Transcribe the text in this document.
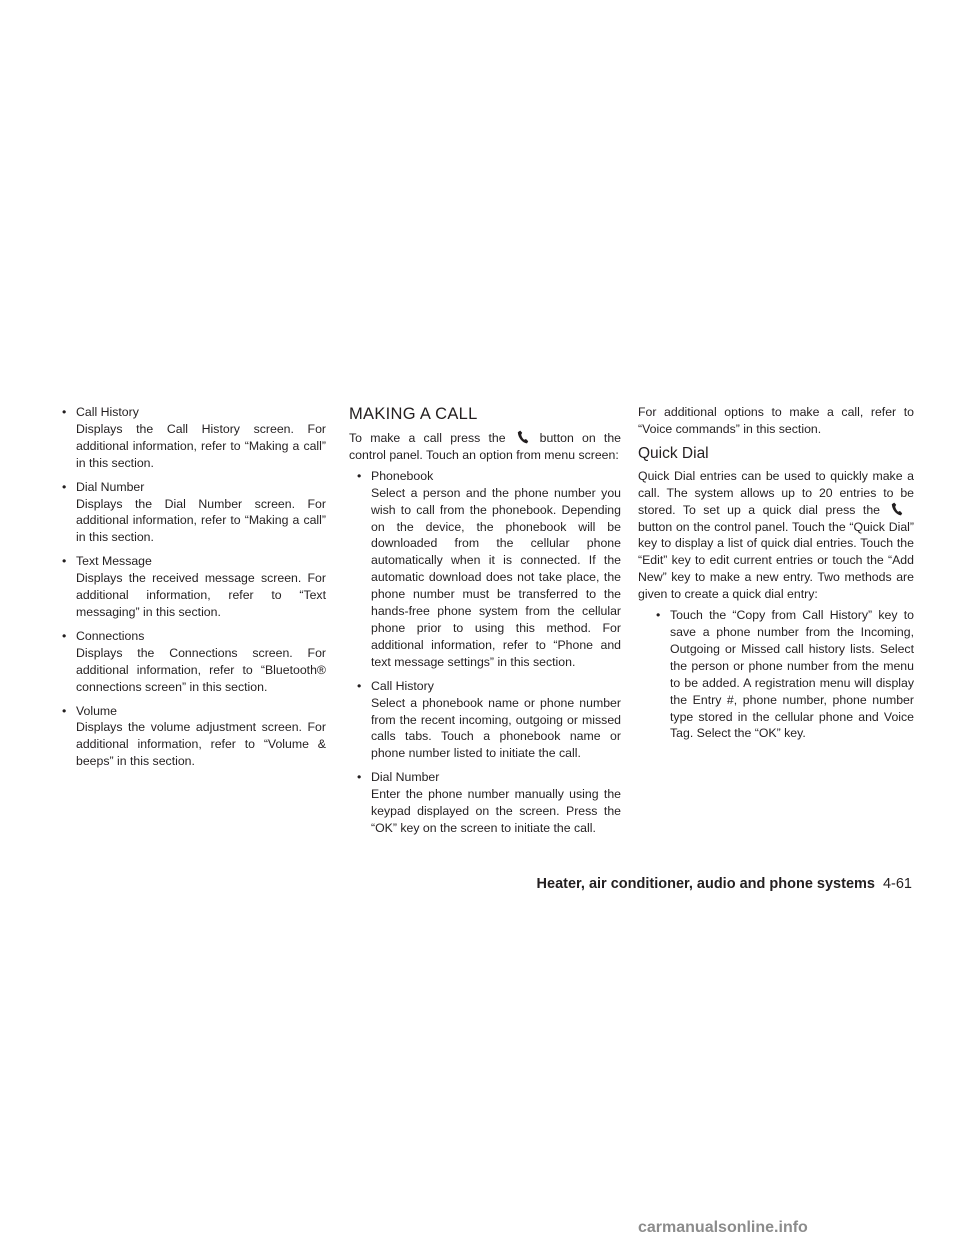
• Call History
Displays the Call History screen. For additional information, refer to “Making a call” in this section.
• Dial Number
Displays the Dial Number screen. For additional information, refer to “Making a call” in this section.
• Text Message
Displays the received message screen. For additional information, refer to “Text messaging” in this section.
• Connections
Displays the Connections screen. For additional information, refer to “Bluetooth® connections screen” in this section.
• Volume
Displays the volume adjustment screen. For additional information, refer to “Volume & beeps” in this section.
MAKING A CALL

To make a call press the	button on the control panel. Touch an option from menu screen:

• Phonebook
Select a person and the phone number you wish to call from the phonebook. Depending on the device, the phonebook will be downloaded from the cellular phone automatically when it is connected. If the automatic download does not take place, the phone number must be transferred to the hands-free phone system from the cellular phone prior to using this method. For additional information, refer to “Phone and text message settings” in this section.
• Call History
Select a phonebook name or phone number from the recent incoming, outgoing or missed calls tabs. Touch a phonebook name or phone number listed to initiate the call.
• Dial Number
Enter the phone number manually using the keypad displayed on the screen. Press the “OK” key on the screen to initiate the call.

For additional options to make a call, refer to “Voice commands” in this section.

Quick Dial

Quick Dial entries can be used to quickly make a call. The system allows up to 20 entries to be stored. To set up a quick dial press thebutton on the control panel. Touch the “Quick Dial” key to display a list of quick dial entries. Touch the “Edit” key to edit current entries or touch the “Add New” key to make a new entry. Two methods are given to create a quick dial entry:

• Touch the “Copy from Call History” key to save a phone number from the Incoming, Outgoing or Missed call history lists. Select the person or phone number from the menu to be added. A registration menu will display the Entry #, phone number, phone number type stored in the cellular phone and Voice Tag. Select the “OK” key.
Heater, air conditioner, audio and phone systems 4-61
carmanualsonline.info
